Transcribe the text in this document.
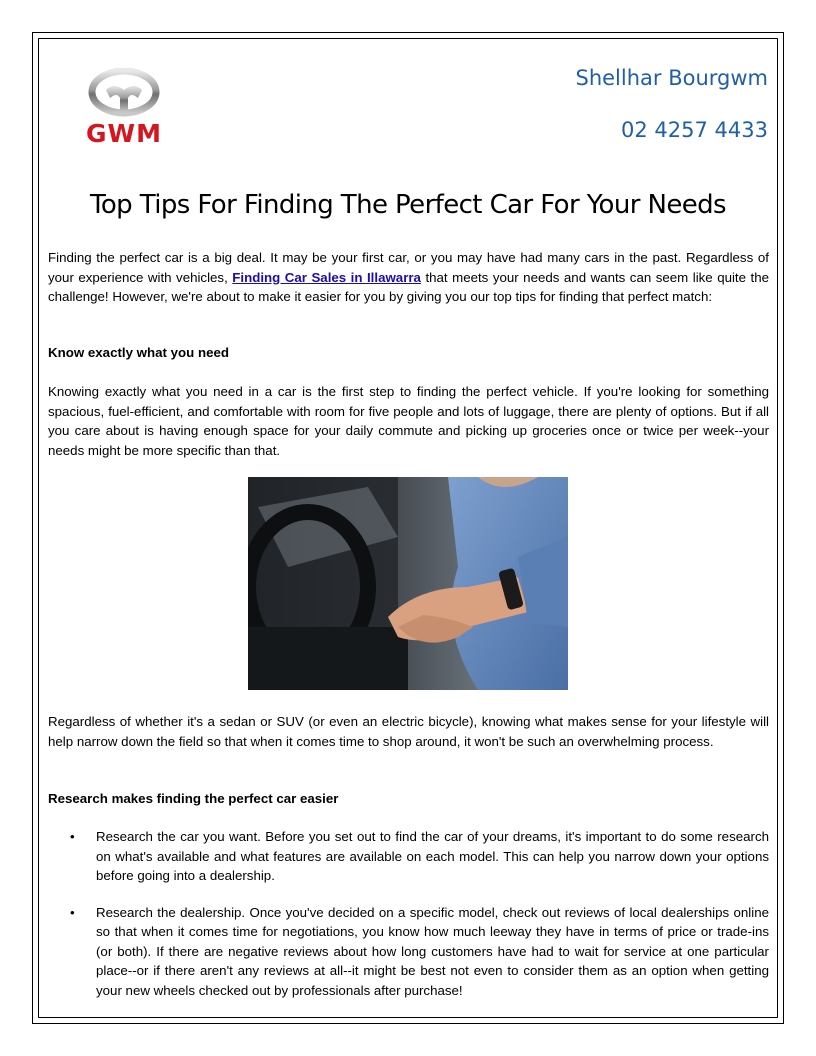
GWM
Shellhar Bourgwm
02 4257 4433
Top Tips For Finding The Perfect Car For Your Needs

Finding the perfect car is a big deal. It may be your first car, or you may have had many cars in the past. Regardless of your experience with vehicles, Finding Car Sales in Illawarra that meets your needs and wants can seem like quite the challenge! However, we're about to make it easier for you by giving you our top tips for finding that perfect match:

Know exactly what you need

Knowing exactly what you need in a car is the first step to finding the perfect vehicle. If you're looking for something spacious, fuel-efficient, and comfortable with room for five people and lots of luggage, there are plenty of options. But if all you care about is having enough space for your daily commute and picking up groceries once or twice per week--your needs might be more specific than that.

Regardless of whether it's a sedan or SUV (or even an electric bicycle), knowing what makes sense for your lifestyle will help narrow down the field so that when it comes time to shop around, it won't be such an overwhelming process.

Research makes finding the perfect car easier

• Research the car you want. Before you set out to find the car of your dreams, it's important to do some research on what's available and what features are available on each model. This can help you narrow down your options before going into a dealership.
• Research the dealership. Once you've decided on a specific model, check out reviews of local dealerships online so that when it comes time for negotiations, you know how much leeway they have in terms of price or trade-ins (or both). If there are negative reviews about how long customers have had to wait for service at one particular place--or if there aren't any reviews at all--it might be best not even to consider them as an option when getting your new wheels checked out by professionals after purchase!
